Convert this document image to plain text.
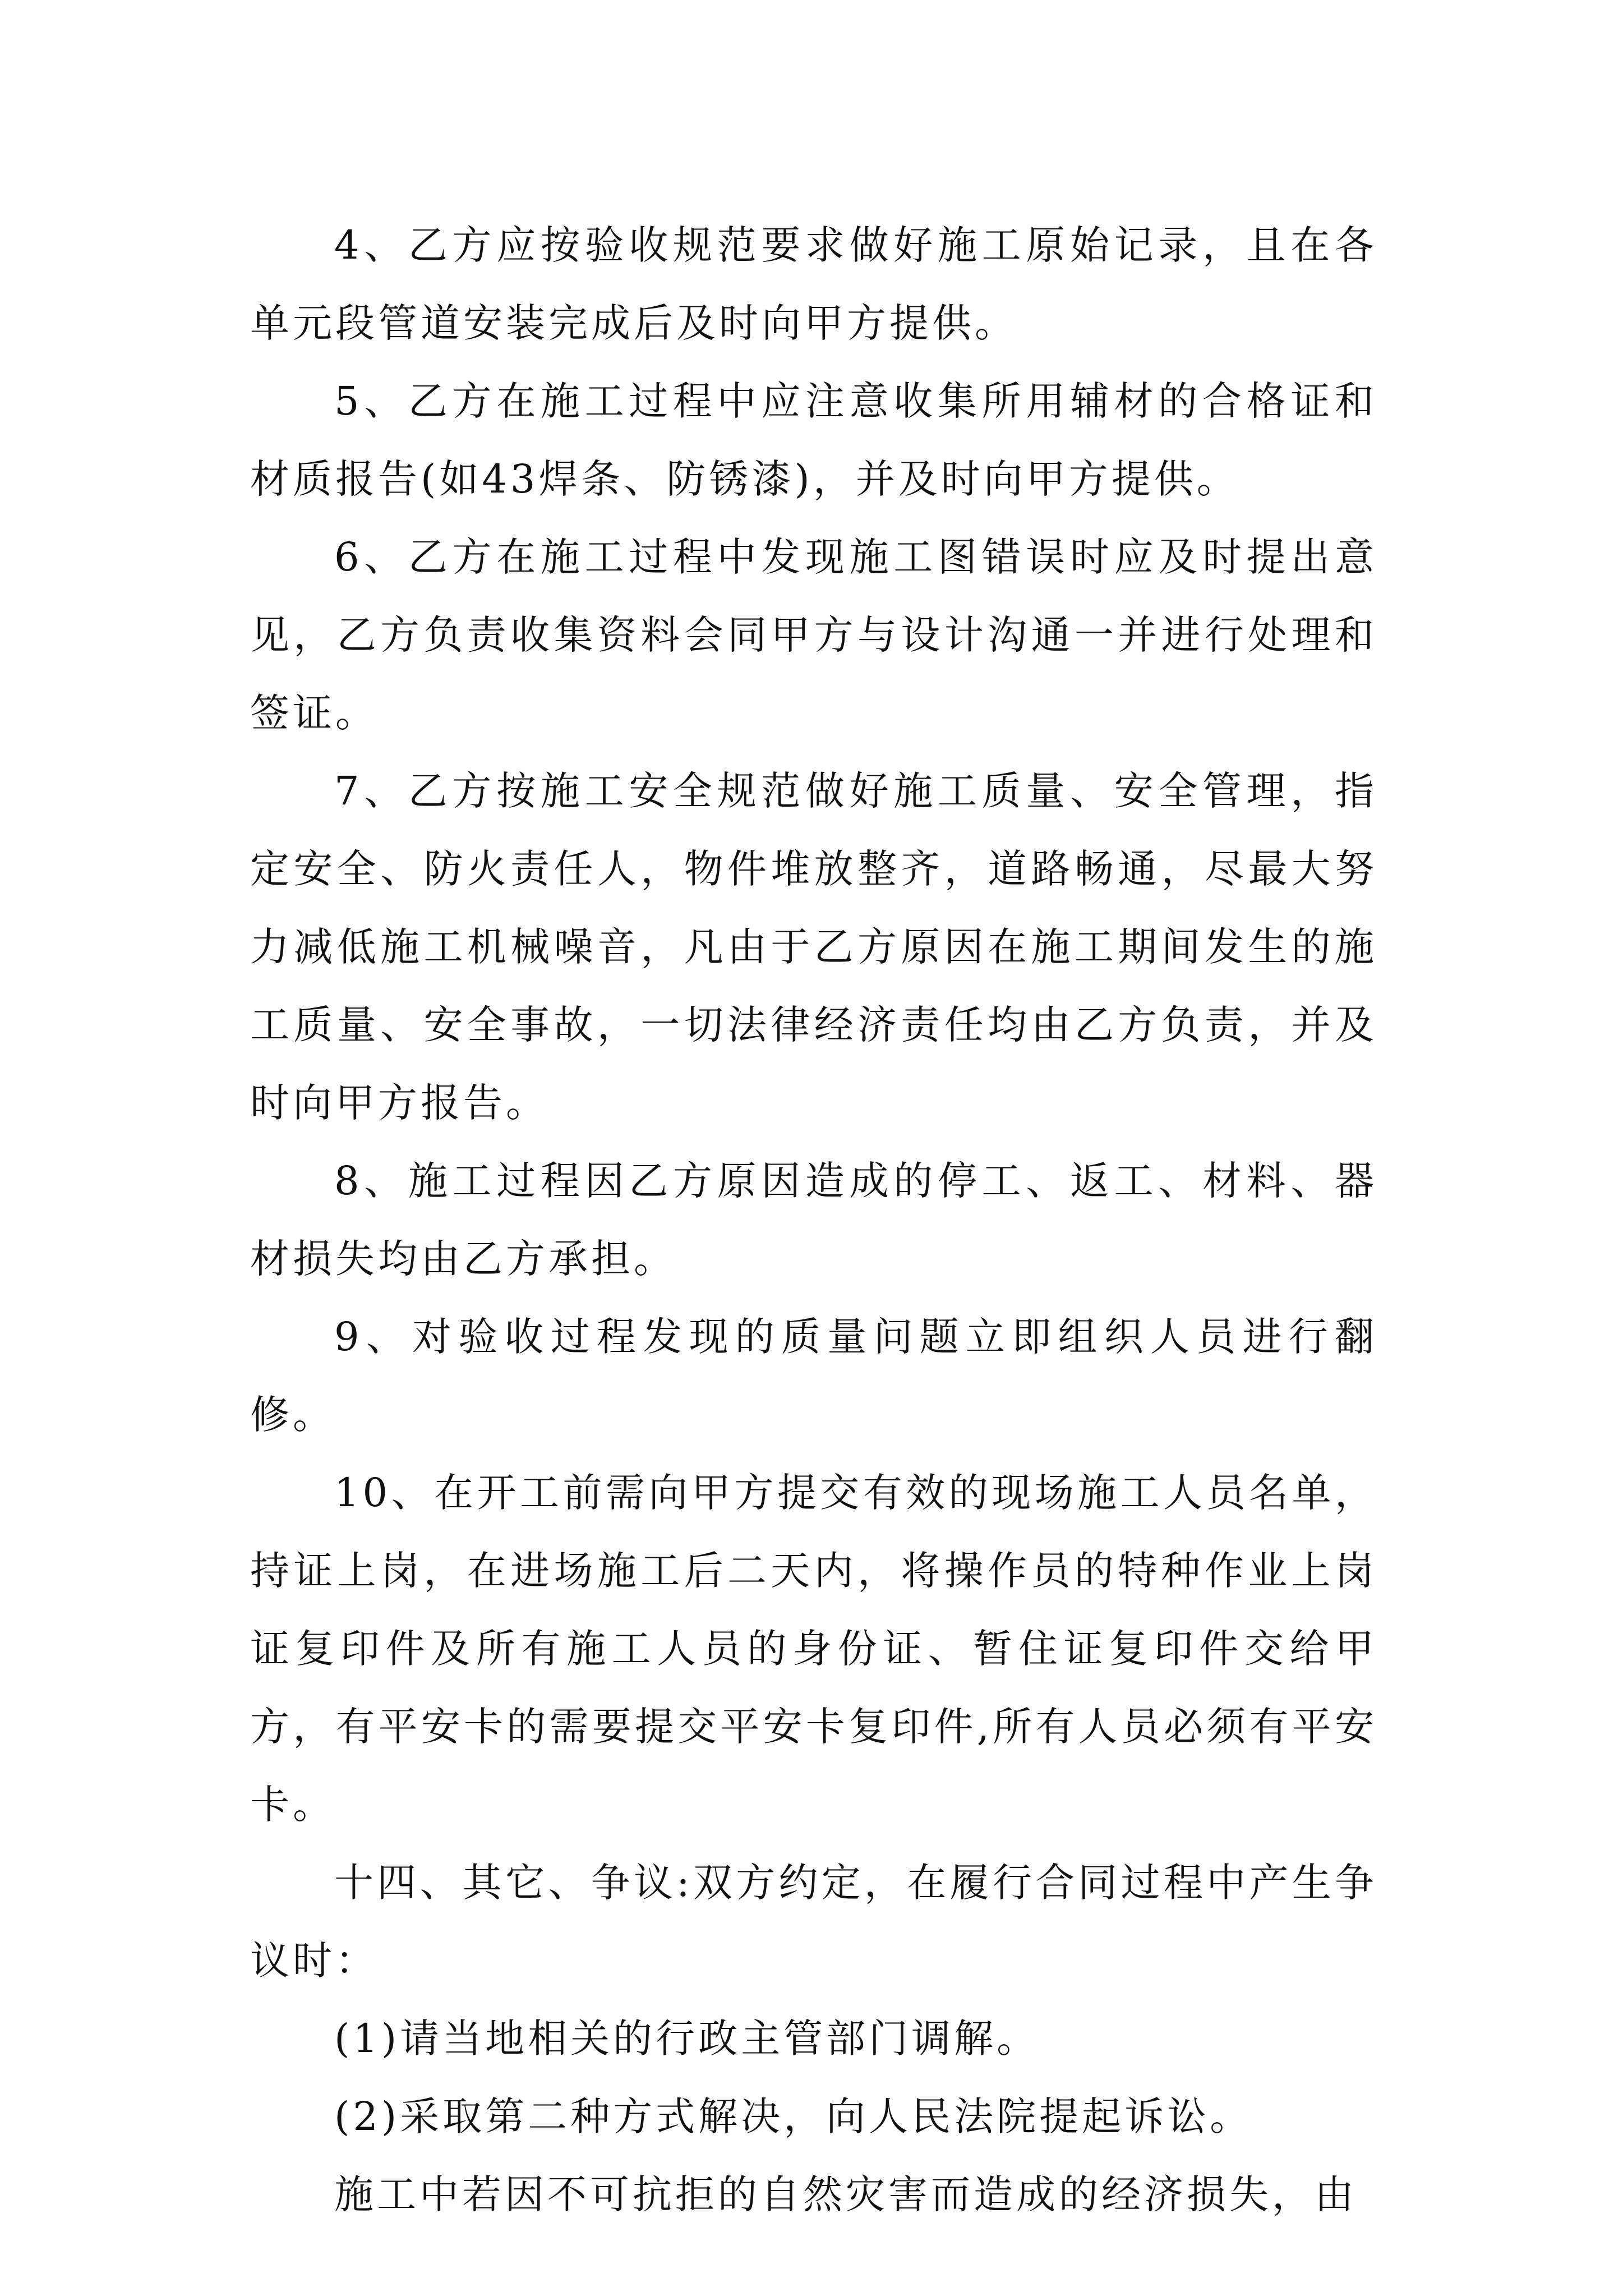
4、乙方应按验收规范要求做好施工原始记录，且在各单元段管道安装完成后及时向甲方提供。

5、乙方在施工过程中应注意收集所用辅材的合格证和材质报告(如43焊条、防锈漆)，并及时向甲方提供。

6、乙方在施工过程中发现施工图错误时应及时提出意见，乙方负责收集资料会同甲方与设计沟通一并进行处理和签证。

7、乙方按施工安全规范做好施工质量、安全管理，指定安全、防火责任人，物件堆放整齐，道路畅通，尽最大努力减低施工机械噪音，凡由于乙方原因在施工期间发生的施工质量、安全事故，一切法律经济责任均由乙方负责，并及时向甲方报告。

8、施工过程因乙方原因造成的停工、返工、材料、器材损失均由乙方承担。

9、对验收过程发现的质量问题立即组织人员进行翻修。

10、在开工前需向甲方提交有效的现场施工人员名单，持证上岗，在进场施工后二天内，将操作员的特种作业上岗证复印件及所有施工人员的身份证、暂住证复印件交给甲方，有平安卡的需要提交平安卡复印件,所有人员必须有平安卡。

十四、其它、争议:双方约定，在履行合同过程中产生争议时：

(1)请当地相关的行政主管部门调解。

(2)采取第二种方式解决，向人民法院提起诉讼。

施工中若因不可抗拒的自然灾害而造成的经济损失，由
